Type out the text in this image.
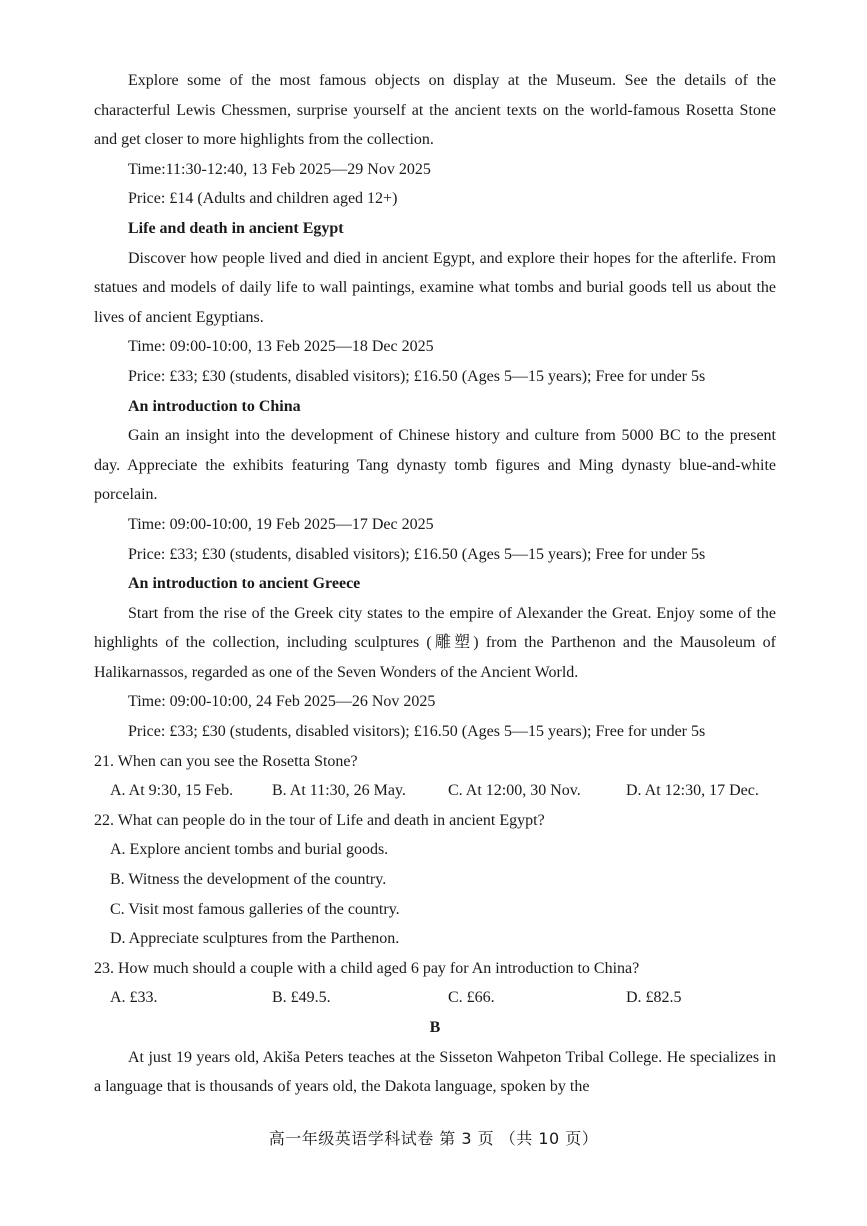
Explore some of the most famous objects on display at the Museum. See the details of the characterful Lewis Chessmen, surprise yourself at the ancient texts on the world-famous Rosetta Stone and get closer to more highlights from the collection.

Time:11:30-12:40, 13 Feb 2025—29 Nov 2025

Price: £14 (Adults and children aged 12+)

Life and death in ancient Egypt

Discover how people lived and died in ancient Egypt, and explore their hopes for the afterlife. From statues and models of daily life to wall paintings, examine what tombs and burial goods tell us about the lives of ancient Egyptians.

Time: 09:00-10:00, 13 Feb 2025—18 Dec 2025

Price: £33; £30 (students, disabled visitors); £16.50 (Ages 5—15 years); Free for under 5s

An introduction to China

Gain an insight into the development of Chinese history and culture from 5000 BC to the present day. Appreciate the exhibits featuring Tang dynasty tomb figures and Ming dynasty blue-and-white porcelain.

Time: 09:00-10:00, 19 Feb 2025—17 Dec 2025

Price: £33; £30 (students, disabled visitors); £16.50 (Ages 5—15 years); Free for under 5s

An introduction to ancient Greece

Start from the rise of the Greek city states to the empire of Alexander the Great. Enjoy some of the highlights of the collection, including sculptures (雕塑) from the Parthenon and the Mausoleum of Halikarnassos, regarded as one of the Seven Wonders of the Ancient World.

Time: 09:00-10:00, 24 Feb 2025—26 Nov 2025

Price: £33; £30 (students, disabled visitors); £16.50 (Ages 5—15 years); Free for under 5s

21. When can you see the Rosetta Stone?

A. At 9:30, 15 Feb.	B. At 11:30, 26 May.	C. At 12:00, 30 Nov.	D. At 12:30, 17 Dec.

22. What can people do in the tour of Life and death in ancient Egypt?

A. Explore ancient tombs and burial goods.

B. Witness the development of the country.

C. Visit most famous galleries of the country.

D. Appreciate sculptures from the Parthenon.

23. How much should a couple with a child aged 6 pay for An introduction to China?

A. £33.	B. £49.5.	C. £66.	D. £82.5

B

At just 19 years old, Akiša Peters teaches at the Sisseton Wahpeton Tribal College. He specializes in a language that is thousands of years old, the Dakota language, spoken by the

高一年级英语学科试卷 第 3 页 （共 10 页）
